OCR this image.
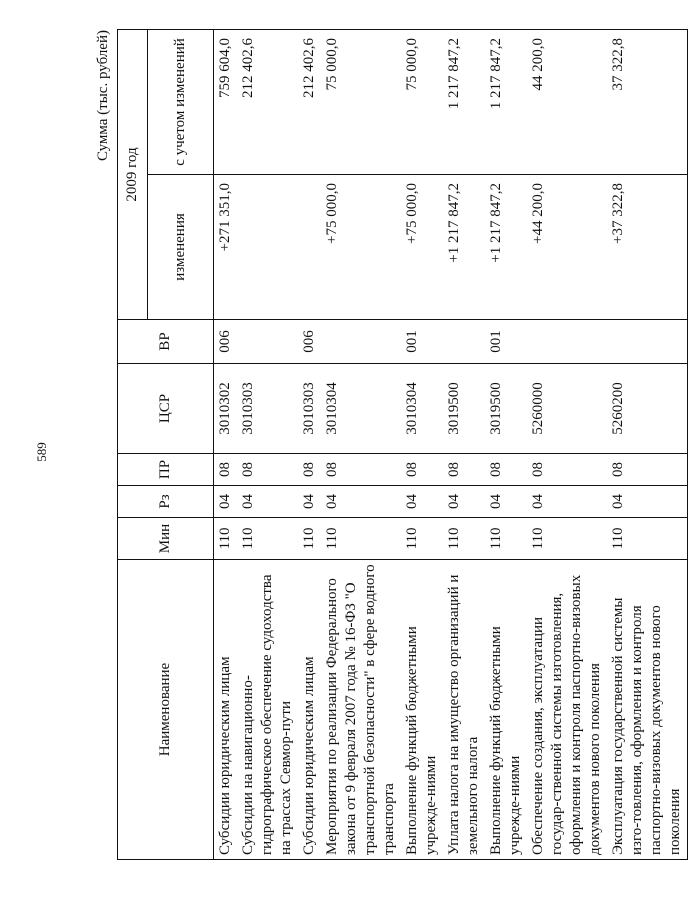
589
Сумма (тыс. рублей)
Наименование	Мин	Рз	ПР	ЦСР	ВР	2009 год	
						изменения	с учетом изменений
Субсидии юридическим лицам	110	04	08	3010302	006	+271 351,0	759 604,0
Субсидии на навигационно-гидрографическое обеспечение судоходства на трассах Севмор-пути	110	04	08	3010303			212 402,6
Субсидии юридическим лицам	110	04	08	3010303	006		212 402,6
Мероприятия по реализации Федерального закона от 9 февраля 2007 года № 16-ФЗ "О транспортной безопасности" в сфере водного транспорта	110	04	08	3010304		+75 000,0	75 000,0
Выполнение функций бюджетными учрежде-ниями	110	04	08	3010304	001	+75 000,0	75 000,0
Уплата налога на имущество организаций и земельного налога	110	04	08	3019500		+1 217 847,2	1 217 847,2
Выполнение функций бюджетными учрежде-ниями	110	04	08	3019500	001	+1 217 847,2	1 217 847,2
Обеспечение создания, эксплуатации государ-ственной системы изготовления, оформления и контроля паспортно-визовых документов нового поколения	110	04	08	5260000		+44 200,0	44 200,0
Эксплуатация государственной системы изго-товления, оформления и контроля паспортно-визовых документов нового поколения	110	04	08	5260200		+37 322,8	37 322,8
